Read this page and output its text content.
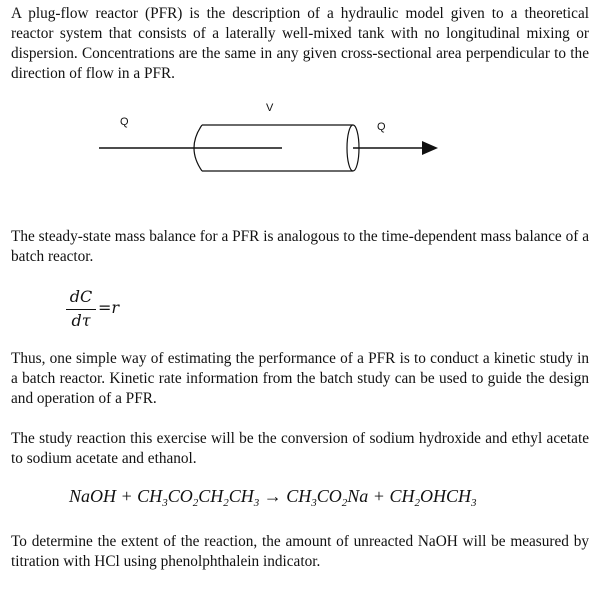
A plug-flow reactor (PFR) is the description of a hydraulic model given to a theoretical reactor system that consists of a laterally well-mixed tank with no longitudinal mixing or dispersion. Concentrations are the same in any given cross-sectional area perpendicular to the direction of flow in a PFR.

Q
V
Q

The steady-state mass balance for a PFR is analogous to the time-dependent mass balance of a batch reactor.

dC
dτ
=r

Thus, one simple way of estimating the performance of a PFR is to conduct a kinetic study in a batch reactor. Kinetic rate information from the batch study can be used to guide the design and operation of a PFR.

The study reaction this exercise will be the conversion of sodium hydroxide and ethyl acetate to sodium acetate and ethanol.

NaOH + $CH_3CO_2CH_2CH_3 \to CH_3CO_2Na$ + $CH_2OHCH_3$

To determine the extent of the reaction, the amount of unreacted NaOH will be measured by titration with HCl using phenolphthalein indicator.
